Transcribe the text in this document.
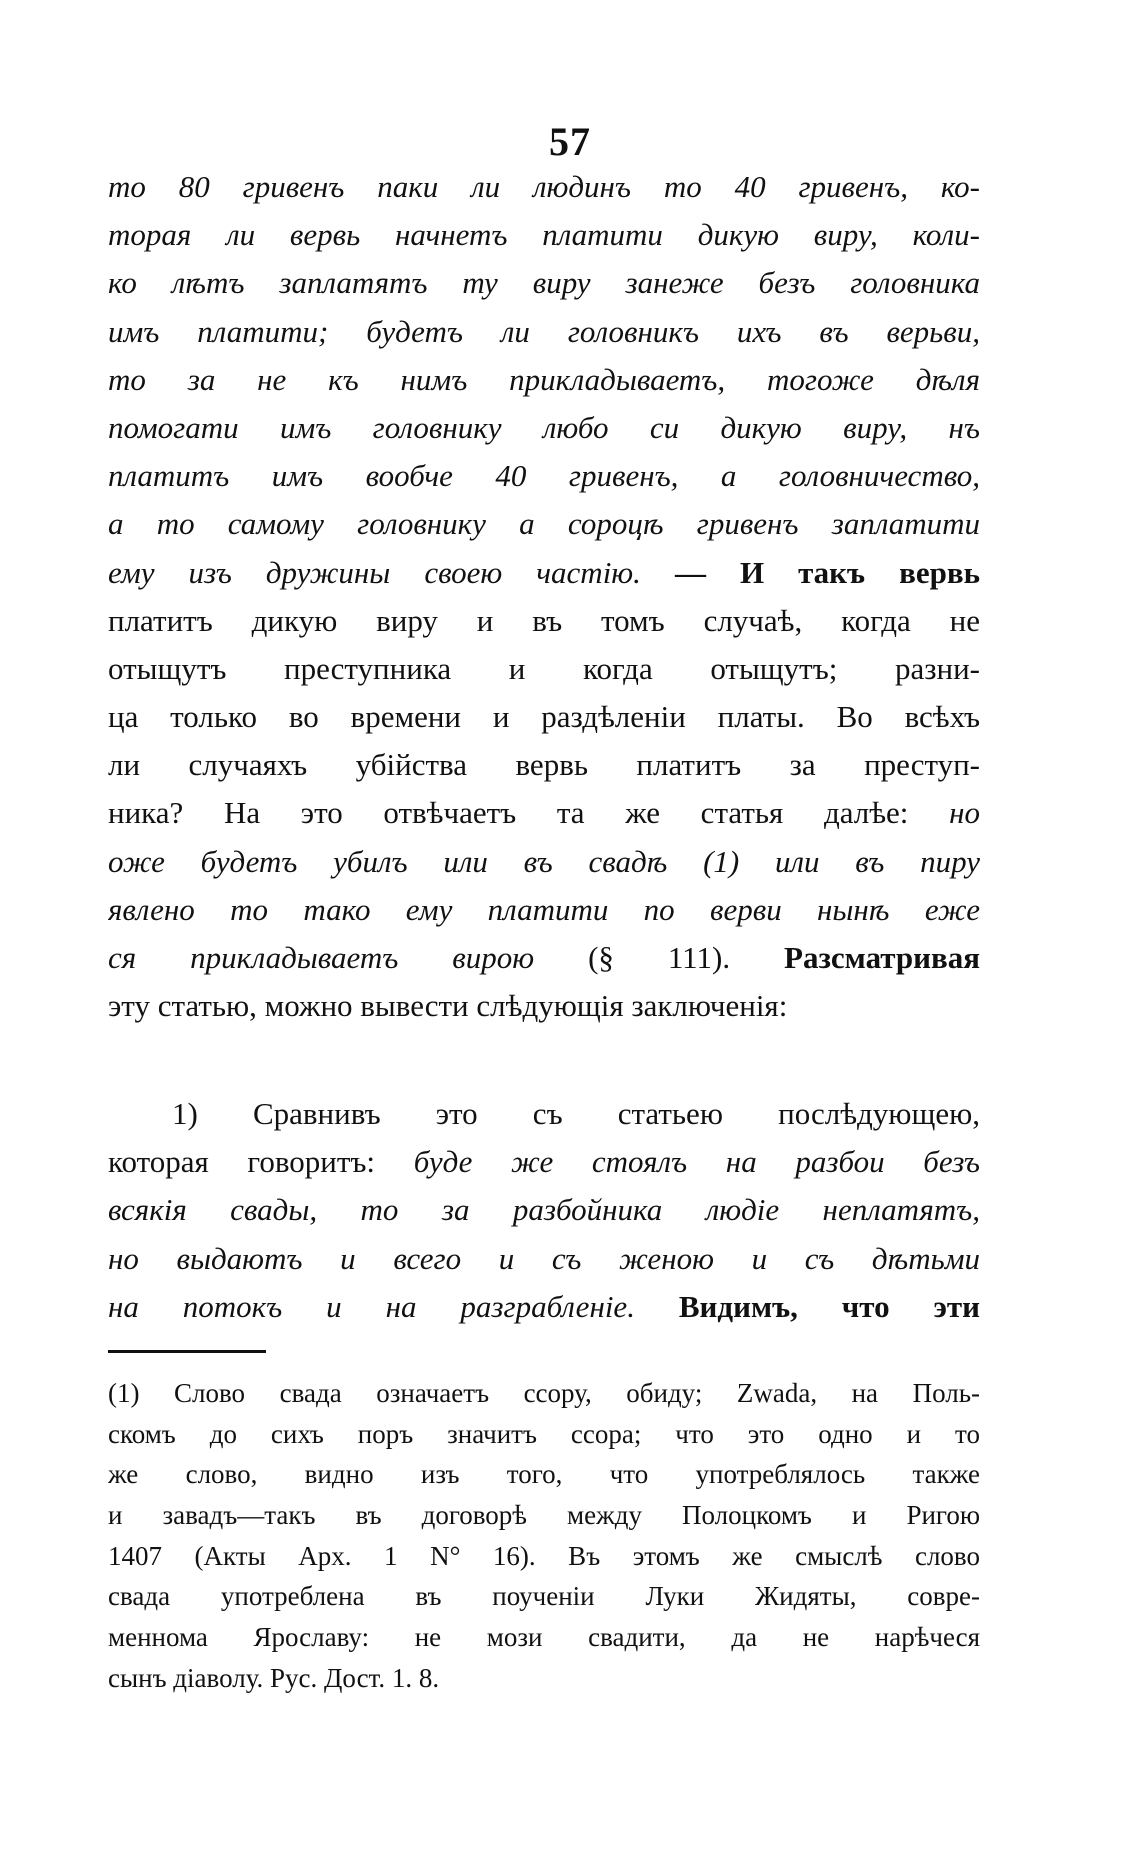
57
то 80 гривенъ паки ли людинъ то 40 гривенъ, ко-
торая ли вервь начнетъ платити дикую виру, коли-
ко лѣтъ заплатятъ ту виру занеже безъ головника
имъ платити; будетъ ли головникъ ихъ въ верьви,
то за не къ нимъ прикладываетъ, тогоже дѣля
помогати имъ головнику любо си дикую виру, нъ
платитъ имъ вообче 40 гривенъ, а головничество,
а то самому головнику а сороцѣ гривенъ заплатити
ему изъ дружины своею частію. — И такъ вервь
платитъ дикую виру и въ томъ случаѣ, когда не
отыщутъ преступника и когда отыщутъ; разни-
ца только во времени и раздѣленіи платы. Во всѣхъ
ли случаяхъ убійства вервь платитъ за преступ-
ника? На это отвѣчаетъ та же статья далѣе: но
оже будетъ убилъ или въ свадѣ (1) или въ пиру
явлено то тако ему платити по верви нынѣ еже
ся прикладываетъ вирою (§ 111). Разсматривая
эту статью, можно вывести слѣдующія заключенія:
1) Сравнивъ это съ статьею послѣдующею,
которая говоритъ: буде же стоялъ на разбои безъ
всякія свады, то за разбойника людіе неплатятъ,
но выдаютъ и всего и съ женою и съ дѣтьми
на потокъ и на разграбленіе. Видимъ, что эти
(1) Слово свада означаетъ ссору, обиду; Zwada, на Поль-
скомъ до сихъ поръ значитъ ссора; что это одно и то
же слово, видно изъ того, что употреблялось также
и завадъ—такъ въ договорѣ между Полоцкомъ и Ригою
1407 (Акты Арх. 1 N° 16). Въ этомъ же смыслѣ слово
свада употреблена въ поученіи Луки Жидяты, совре-
меннома Ярославу: не мози свадити, да не нарѣчеся
сынъ діаволу. Рус. Дост. 1. 8.
